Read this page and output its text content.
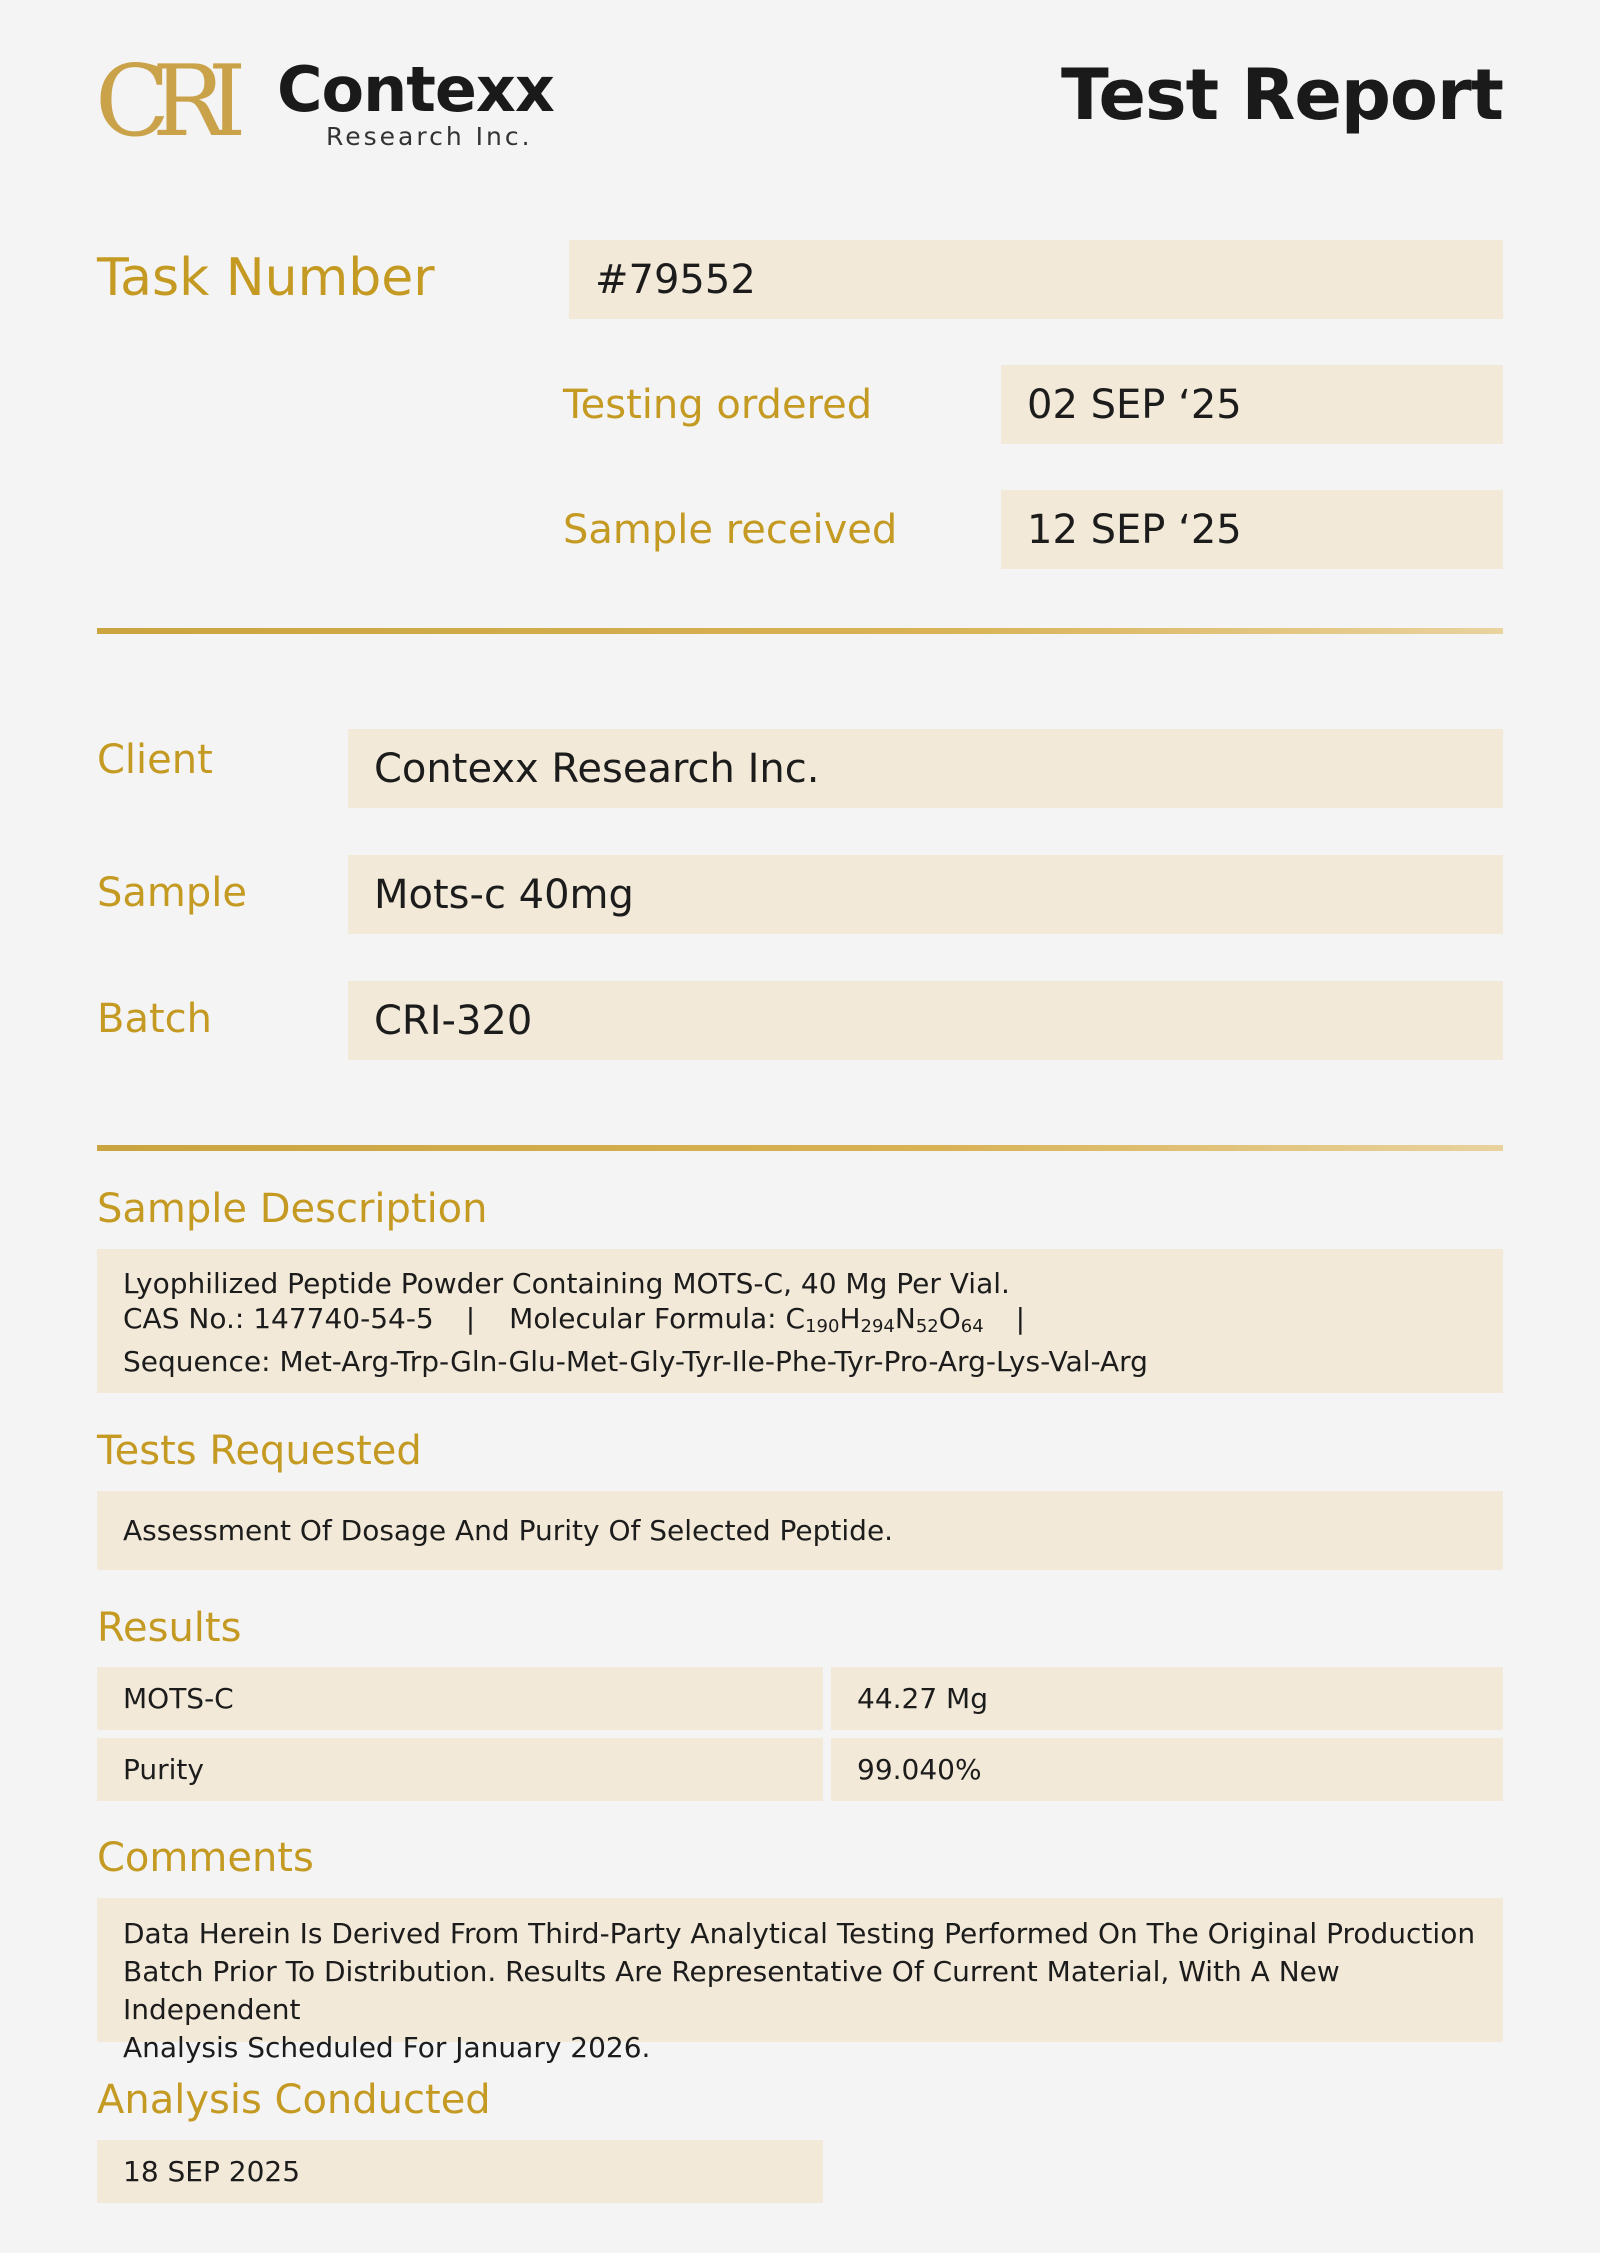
CRI Contexx
Research Inc.
Test Report
Task Number	#79552
Testing ordered	02 SEP ‘25
Sample received	12 SEP ‘25
Client	Contexx Research Inc.
Sample	Mots-c 40mg
Batch	CRI-320
Sample Description
Lyophilized Peptide Powder Containing MOTS-C, 40 Mg Per Vial.
CAS No.: 147740-54-5 | Molecular Formula: $C_{190}H_{294}N_{52}O_{64}$ |
Sequence: Met-Arg-Trp-Gln-Glu-Met-Gly-Tyr-Ile-Phe-Tyr-Pro-Arg-Lys-Val-Arg
Tests Requested
Assessment Of Dosage And Purity Of Selected Peptide.
Results
MOTS-C	44.27 Mg
Purity	99.040%
Comments
Data Herein Is Derived From Third-Party Analytical Testing Performed On The Original Production
Batch Prior To Distribution. Results Are Representative Of Current Material, With A New Independent
Analysis Scheduled For January 2026.
Analysis Conducted
18 SEP 2025
